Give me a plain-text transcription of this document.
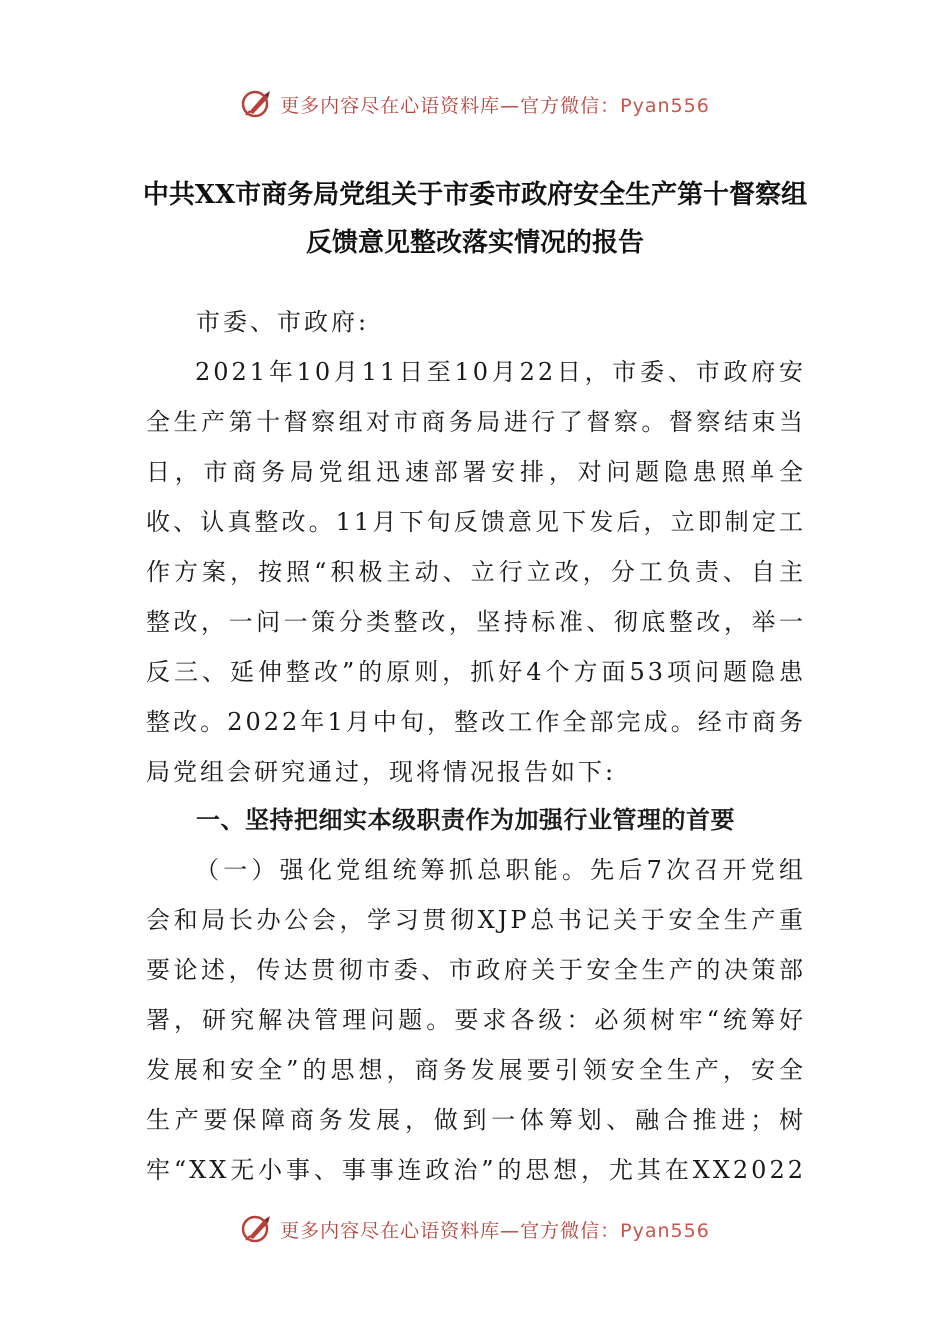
更多内容尽在心语资料库—官方微信：Pyan556
中共XX市商务局党组关于市委市政府安全生产第十督察组
反馈意见整改落实情况的报告

市委、市政府:

2021年10月11日至10月22日，市委、市政府安全生产第十督察组对市商务局进行了督察。督察结束当日，市商务局党组迅速部署安排，对问题隐患照单全收、认真整改。11月下旬反馈意见下发后，立即制定工作方案，按照“积极主动、立行立改，分工负责、自主整改，一问一策分类整改，坚持标准、彻底整改，举一反三、延伸整改”的原则，抓好4个方面53项问题隐患整改。2022年1月中旬，整改工作全部完成。经市商务局党组会研究通过，现将情况报告如下:

一、坚持把细实本级职责作为加强行业管理的首要

（一）强化党组统筹抓总职能。先后7次召开党组会和局长办公会，学习贯彻XJP总书记关于安全生产重要论述，传达贯彻市委、市政府关于安全生产的决策部署，研究解决管理问题。要求各级：必须树牢“统筹好发展和安全”的思想，商务发展要引领安全生产，安全生产要保障商务发展，做到一体筹划、融合推进；树牢“XX无小事、事事连政治”的思想，尤其在XX2022

更多内容尽在心语资料库—官方微信：Pyan556
